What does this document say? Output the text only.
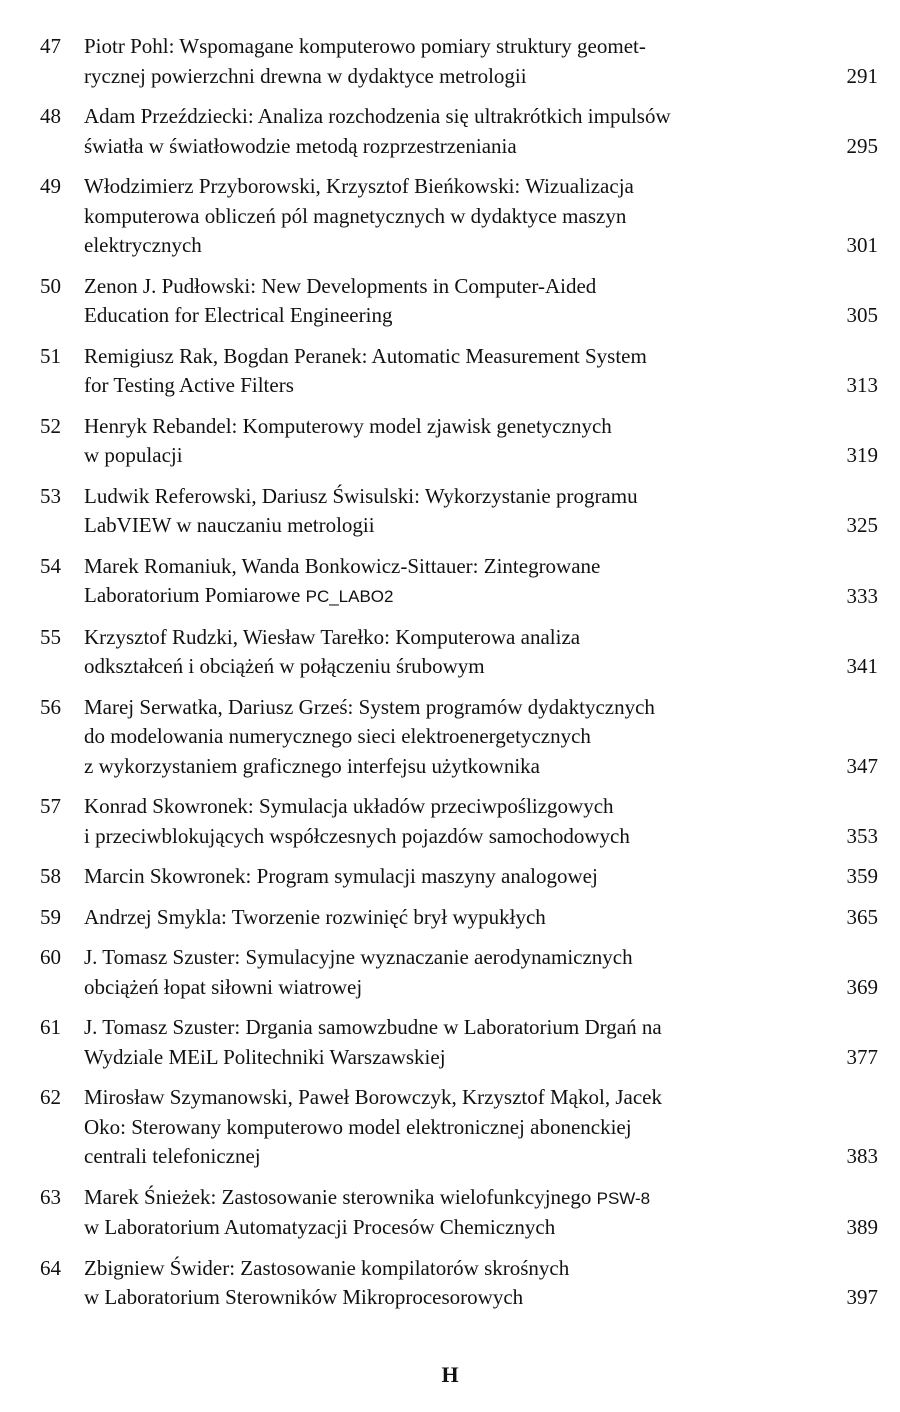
47	Piotr Pohl: Wspomagane komputerowo pomiary struktury geomet-
rycznej powierzchni drewna w dydaktyce metrologii	291
48	Adam Przeździecki: Analiza rozchodzenia się ultrakrótkich impulsów
światła w światłowodzie metodą rozprzestrzeniania	295
49	Włodzimierz Przyborowski, Krzysztof Bieńkowski: Wizualizacja
komputerowa obliczeń pól magnetycznych w dydaktyce maszyn
elektrycznych	301
50	Zenon J. Pudłowski: New Developments in Computer-Aided
Education for Electrical Engineering	305
51	Remigiusz Rak, Bogdan Peranek: Automatic Measurement System
for Testing Active Filters	313
52	Henryk Rebandel: Komputerowy model zjawisk genetycznych
w populacji	319
53	Ludwik Referowski, Dariusz Świsulski: Wykorzystanie programu
LabVIEW w nauczaniu metrologii	325
54	Marek Romaniuk, Wanda Bonkowicz-Sittauer: Zintegrowane
Laboratorium Pomiarowe PC_LABO2	333
55	Krzysztof Rudzki, Wiesław Tarełko: Komputerowa analiza
odkształceń i obciążeń w połączeniu śrubowym	341
56	Marej Serwatka, Dariusz Grześ: System programów dydaktycznych
do modelowania numerycznego sieci elektroenergetycznych
z wykorzystaniem graficznego interfejsu użytkownika	347
57	Konrad Skowronek: Symulacja układów przeciwpoślizgowych
i przeciwblokujących współczesnych pojazdów samochodowych	353
58	Marcin Skowronek: Program symulacji maszyny analogowej	359
59	Andrzej Smykla: Tworzenie rozwinięć brył wypukłych	365
60	J. Tomasz Szuster: Symulacyjne wyznaczanie aerodynamicznych
obciążeń łopat siłowni wiatrowej	369
61	J. Tomasz Szuster: Drgania samowzbudne w Laboratorium Drgań na
Wydziale MEiL Politechniki Warszawskiej	377
62	Mirosław Szymanowski, Paweł Borowczyk, Krzysztof Mąkol, Jacek
Oko: Sterowany komputerowo model elektronicznej abonenckiej
centrali telefonicznej	383
63	Marek Śnieżek: Zastosowanie sterownika wielofunkcyjnego PSW-8
w Laboratorium Automatyzacji Procesów Chemicznych	389
64	Zbigniew Świder: Zastosowanie kompilatorów skrośnych
w Laboratorium Sterowników Mikroprocesorowych	397
H
